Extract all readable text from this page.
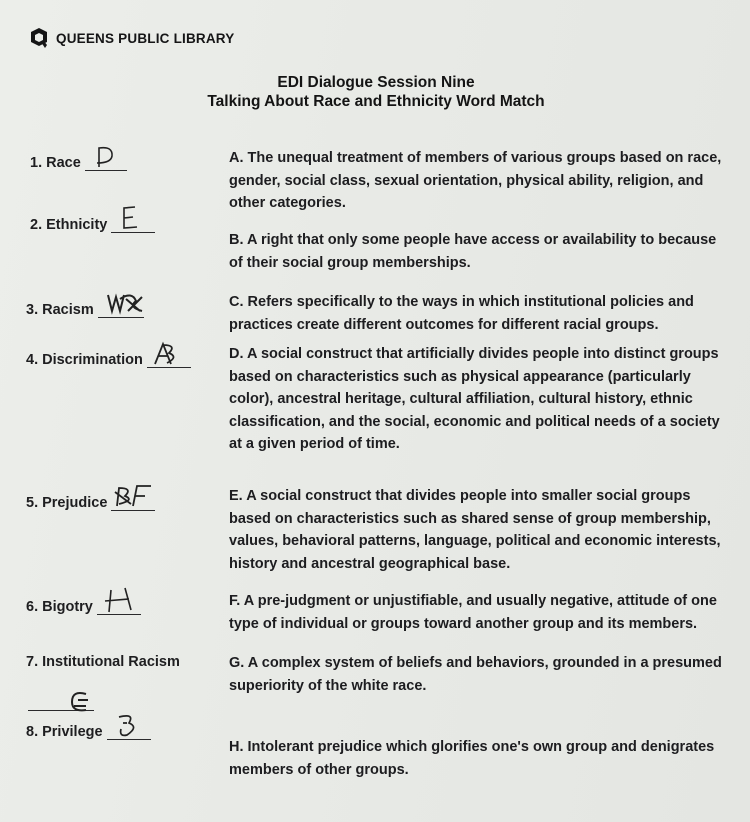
QUEENS PUBLIC LIBRARY
EDI Dialogue Session Nine
Talking About Race and Ethnicity Word Match
1. Race
2. Ethnicity
3. Racism
4. Discrimination
5. Prejudice
6. Bigotry
7. Institutional Racism
8. Privilege
A. The unequal treatment of members of various groups based on race, gender, social class, sexual orientation, physical ability, religion, and other categories.
B. A right that only some people have access or availability to because of their social group memberships.
C. Refers specifically to the ways in which institutional policies and practices create different outcomes for different racial groups.
D. A social construct that artificially divides people into distinct groups based on characteristics such as physical appearance (particularly color), ancestral heritage, cultural affiliation, cultural history, ethnic classification, and the social, economic and political needs of a society at a given period of time.
E. A social construct that divides people into smaller social groups based on characteristics such as shared sense of group membership, values, behavioral patterns, language, political and economic interests, history and ancestral geographical base.
F. A pre-judgment or unjustifiable, and usually negative, attitude of one type of individual or groups toward another group and its members.
G. A complex system of beliefs and behaviors, grounded in a presumed superiority of the white race.
H. Intolerant prejudice which glorifies one's own group and denigrates members of other groups.
